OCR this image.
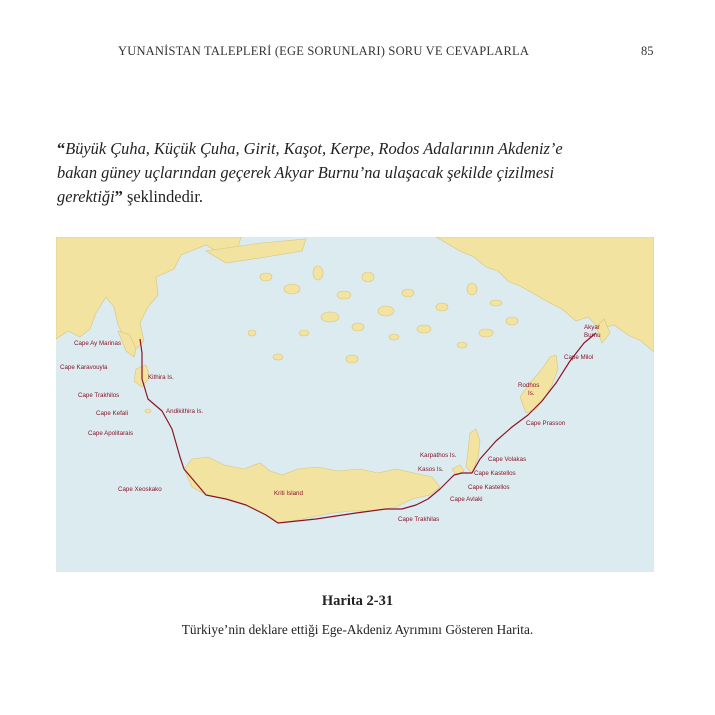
YUNANİSTAN TALEPLERİ (EGE SORUNLARI) SORU VE CEVAPLARLA	85
“Büyük Çuha, Küçük Çuha, Girit, Kaşot, Kerpe, Rodos Adalarının Akdeniz’e
bakan güney uçlarından geçerek Akyar Burnu’na ulaşacak şekilde çizilmesi
gerektiği” şeklindedir.
Cape Ay Marinas
Cape Karavouyla
Kithira Is.
Cape Trakhilos
Cape Kefali	Andikithira Is.
Cape Apolitarais
Cape Xeoskako
Kriti Island
Cape Trakhilas
Karpathos Is.
Kasos Is.
Cape Volakas
Cape Kastellos
Cape Kastellos
Cape Avlaki
Cape Prasson
Rodhos
Is.
Cape Milol
Akyar
Burnu
Harita 2-31
Türkiye’nin deklare ettiği Ege-Akdeniz Ayrımını Gösteren Harita.
